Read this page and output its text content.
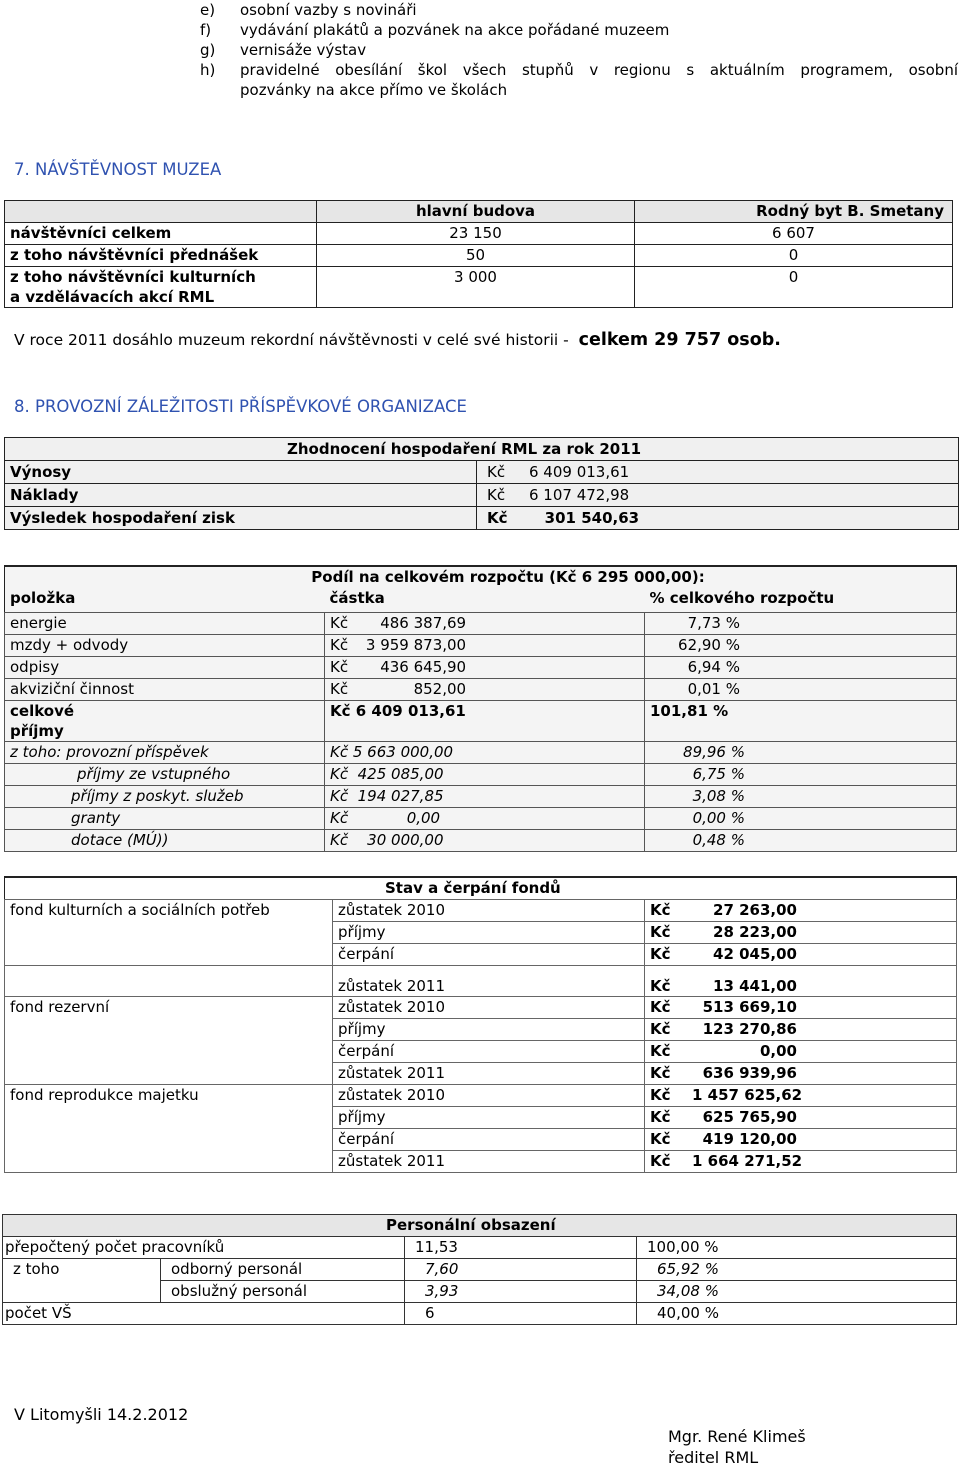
e) osobní vazby s novináři
f) vydávání plakátů a pozvánek na akce pořádané muzeem
g) vernisáže výstav
h) pravidelné obesílání škol všech stupňů v regionu s aktuálním programem, osobní
pozvánky na akce přímo ve školách
7. NÁVŠTĚVNOST MUZEA
	hlavní budova	Rodný byt B. Smetany
návštěvníci celkem	23 150	6 607
z toho návštěvníci přednášek	50	0

z toho návštěvníci kulturních
a vzdělávacích akcí RML	3 000	0
V roce 2011 dosáhlo muzeum rekordní návštěvnosti v celé své historii - celkem 29 757 osob.
8. PROVOZNÍ ZÁLEŽITOSTI PŘÍSPĚVKOVÉ ORGANIZACE
Zhodnocení hospodaření RML za rok 2011	
Výnosy	Kč 6 409 013,61
Náklady	Kč 6 107 472,98
Výsledek hospodaření zisk	Kč 301 540,63
Podíl na celkovém rozpočtu (Kč 6 295 000,00):		
položka	částka	% celkového rozpočtu
energie	Kč 486 387,69	7,73 %
mzdy + odvody	Kč 3 959 873,00	62,90 %
odpisy	Kč 436 645,90	6,94 %
akviziční činnost	Kč 852,00	0,01 %

celkové
příjmy	Kč 6 409 013,61	101,81 %
z toho: provozní příspěvek	Kč 5 663 000,00	89,96 %
příjmy ze vstupného	Kč 425 085,00	6,75 %
příjmy z poskyt. služeb	Kč 194 027,85	3,08 %
granty	Kč 0,00	0,00 %
dotace (MÚ))	Kč 30 000,00	0,48 %
Stav a čerpání fondů		
fond kulturních a sociálních potřeb	zůstatek 2010	Kč 27 263,00
	příjmy	Kč 28 223,00
	čerpání	Kč 42 045,00
	zůstatek 2011	Kč 13 441,00
fond rezervní	zůstatek 2010	Kč 513 669,10
	příjmy	Kč 123 270,86
	čerpání	Kč 0,00
	zůstatek 2011	Kč 636 939,96
fond reprodukce majetku	zůstatek 2010	Kč 1 457 625,62
	příjmy	Kč 625 765,90
	čerpání	Kč 419 120,00
	zůstatek 2011	Kč 1 664 271,52
Personální obsazení			
přepočtený počet pracovníků		11,53	100,00 %
z toho	odborný personál	7,60	65,92 %
	obslužný personál	3,93	34,08 %
počet VŠ		6	40,00 %
V Litomyšli 14.2.2012
Mgr. René Klimeš
ředitel RML
